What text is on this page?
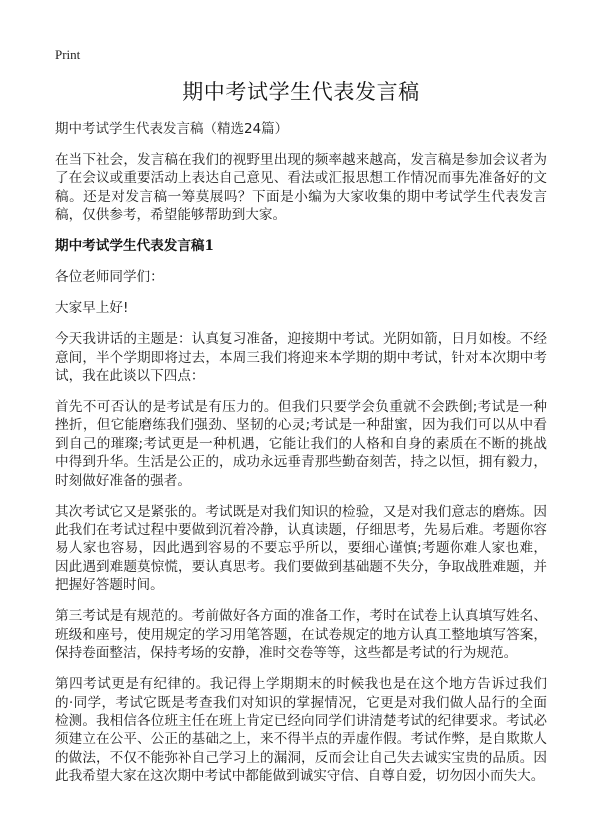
Print
期中考试学生代表发言稿
期中考试学生代表发言稿（精选24篇）

在当下社会，发言稿在我们的视野里出现的频率越来越高，发言稿是参加会议者为了在会议或重要活动上表达自己意见、看法或汇报思想工作情况而事先准备好的文稿。还是对发言稿一筹莫展吗？下面是小编为大家收集的期中考试学生代表发言稿，仅供参考，希望能够帮助到大家。

期中考试学生代表发言稿1

各位老师同学们：

大家早上好!

今天我讲话的主题是：认真复习准备，迎接期中考试。光阴如箭，日月如梭。不经意间，半个学期即将过去，本周三我们将迎来本学期的期中考试，针对本次期中考试，我在此谈以下四点：

首先不可否认的是考试是有压力的。但我们只要学会负重就不会跌倒;考试是一种挫折，但它能磨练我们强劲、坚韧的心灵;考试是一种甜蜜，因为我们可以从中看到自己的璀璨;考试更是一种机遇，它能让我们的人格和自身的素质在不断的挑战中得到升华。生活是公正的，成功永远垂青那些勤奋刻苦，持之以恒，拥有毅力，时刻做好准备的强者。

其次考试它又是紧张的。考试既是对我们知识的检验，又是对我们意志的磨炼。因此我们在考试过程中要做到沉着冷静，认真读题，仔细思考，先易后难。考题你容易人家也容易，因此遇到容易的不要忘乎所以，要细心谨慎;考题你难人家也难，因此遇到难题莫惊慌，要认真思考。我们要做到基础题不失分，争取战胜难题，并把握好答题时间。

第三考试是有规范的。考前做好各方面的准备工作，考时在试卷上认真填写姓名、班级和座号，使用规定的学习用笔答题，在试卷规定的地方认真工整地填写答案，保持卷面整洁，保持考场的安静，准时交卷等等，这些都是考试的行为规范。

第四考试更是有纪律的。我记得上学期期末的时候我也是在这个地方告诉过我们的‧同学，考试它既是考查我们对知识的掌握情况，它更是对我们做人品行的全面检测。我相信各位班主任在班上肯定已经向同学们讲清楚考试的纪律要求。考试必须建立在公平、公正的基础之上，来不得半点的弄虚作假。考试作弊，是自欺欺人的做法，不仅不能弥补自己学习上的漏洞，反而会让自己失去诚实宝贵的品质。因此我希望大家在这次期中考试中都能做到诚实守信、自尊自爱，切勿因小而失大。
